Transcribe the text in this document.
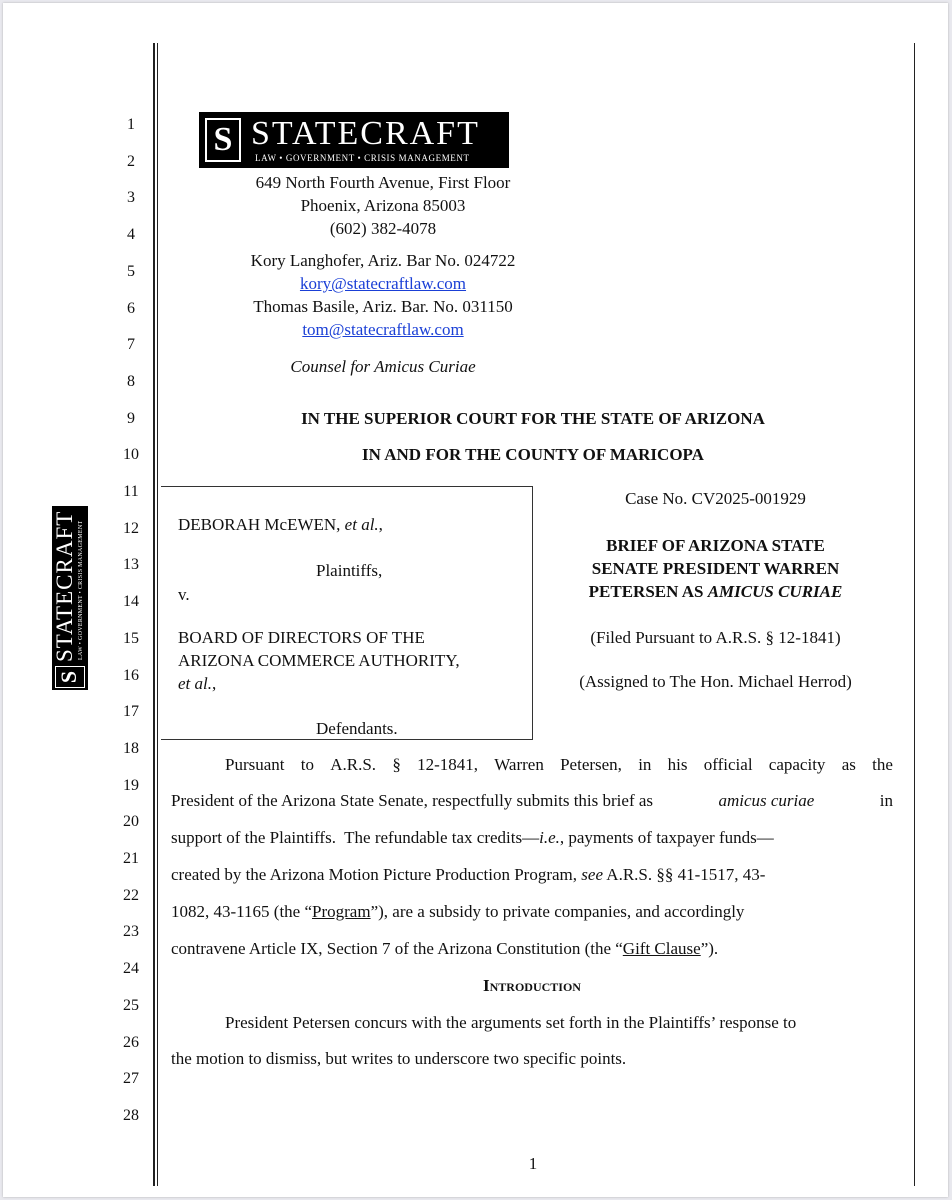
1
2
3
4
5
6
7
8
9
10
11
12
13
14
15
16
17
18
19
20
21
22
23
24
25
26
27
28
S STATECRAFT
LAW • GOVERNMENT • CRISIS MANAGEMENT
S
STATECRAFT LAW • GOVERNMENT • CRISIS MANAGEMENT
649 North Fourth Avenue, First Floor
Phoenix, Arizona 85003
(602) 382-4078
Kory Langhofer, Ariz. Bar No. 024722
kory@statecraftlaw.com
Thomas Basile, Ariz. Bar. No. 031150
tom@statecraftlaw.com
Counsel for Amicus Curiae
IN THE SUPERIOR COURT FOR THE STATE OF ARIZONA
IN AND FOR THE COUNTY OF MARICOPA
DEBORAH McEWEN, et al.,
Plaintiffs,
v.
BOARD OF DIRECTORS OF THE
ARIZONA COMMERCE AUTHORITY,
et al.,
Defendants.
Case No. CV2025-001929
BRIEF OF ARIZONA STATE
SENATE PRESIDENT WARREN
PETERSEN AS AMICUS CURIAE
(Filed Pursuant to A.R.S. § 12-1841)
(Assigned to The Hon. Michael Herrod)
Pursuant to A.R.S. § 12-1841, Warren Petersen, in his official capacity as the
President of the Arizona State Senate, respectfully submits this brief as	amicus curiae	in
support of the Plaintiffs.  The refundable tax credits—i.e., payments of taxpayer funds—
created by the Arizona Motion Picture Production Program, see A.R.S. §§ 41-1517, 43-
1082, 43-1165 (the “Program”), are a subsidy to private companies, and accordingly
contravene Article IX, Section 7 of the Arizona Constitution (the “Gift Clause”).
Introduction
President Petersen concurs with the arguments set forth in the Plaintiffs’ response to
the motion to dismiss, but writes to underscore two specific points.
1
